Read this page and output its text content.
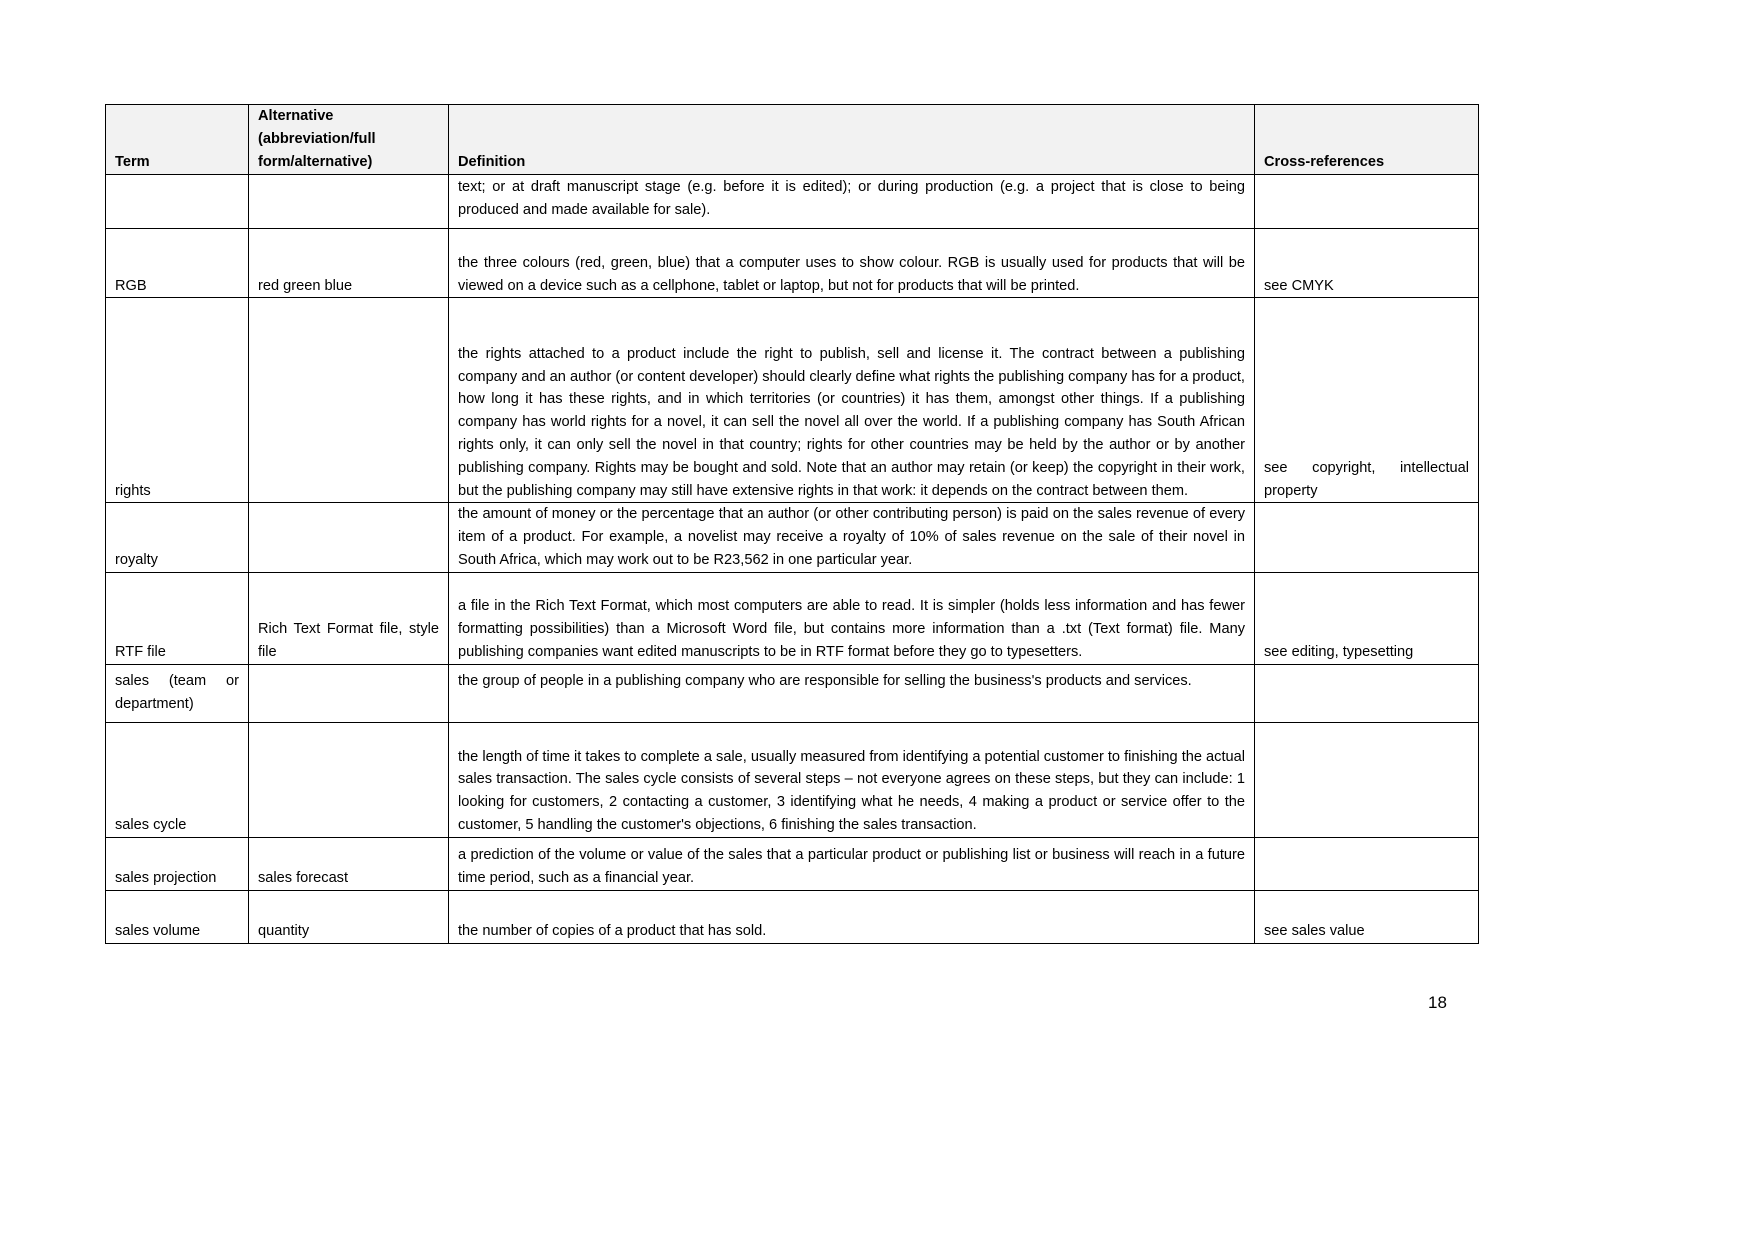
Term	Alternative (abbreviation/full form/alternative)	Definition	Cross-references
		text; or at draft manuscript stage (e.g. before it is edited); or during production (e.g. a project that is close to being produced and made available for sale).	
RGB	red green blue	the three colours (red, green, blue) that a computer uses to show colour. RGB is usually used for products that will be viewed on a device such as a cellphone, tablet or laptop, but not for products that will be printed.	see CMYK
rights		the rights attached to a product include the right to publish, sell and license it. The contract between a publishing company and an author (or content developer) should clearly define what rights the publishing company has for a product, how long it has these rights, and in which territories (or countries) it has them, amongst other things. If a publishing company has world rights for a novel, it can sell the novel all over the world. If a publishing company has South African rights only, it can only sell the novel in that country; rights for other countries may be held by the author or by another publishing company. Rights may be bought and sold. Note that an author may retain (or keep) the copyright in their work, but the publishing company may still have extensive rights in that work: it depends on the contract between them.	see copyright, intellectual property
royalty		the amount of money or the percentage that an author (or other contributing person) is paid on the sales revenue of every item of a product. For example, a novelist may receive a royalty of 10% of sales revenue on the sale of their novel in South Africa, which may work out to be R23,562 in one particular year.	
RTF file	Rich Text Format file, style file	a file in the Rich Text Format, which most computers are able to read. It is simpler (holds less information and has fewer formatting possibilities) than a Microsoft Word file, but contains more information than a .txt (Text format) file. Many publishing companies want edited manuscripts to be in RTF format before they go to typesetters.	see editing, typesetting
sales (team or department)		the group of people in a publishing company who are responsible for selling the business's products and services.	
sales cycle		the length of time it takes to complete a sale, usually measured from identifying a potential customer to finishing the actual sales transaction. The sales cycle consists of several steps – not everyone agrees on these steps, but they can include: 1 looking for customers, 2 contacting a customer, 3 identifying what he needs, 4 making a product or service offer to the customer, 5 handling the customer's objections, 6 finishing the sales transaction.	
sales projection	sales forecast	a prediction of the volume or value of the sales that a particular product or publishing list or business will reach in a future time period, such as a financial year.	
sales volume	quantity	the number of copies of a product that has sold.	see sales value
18
